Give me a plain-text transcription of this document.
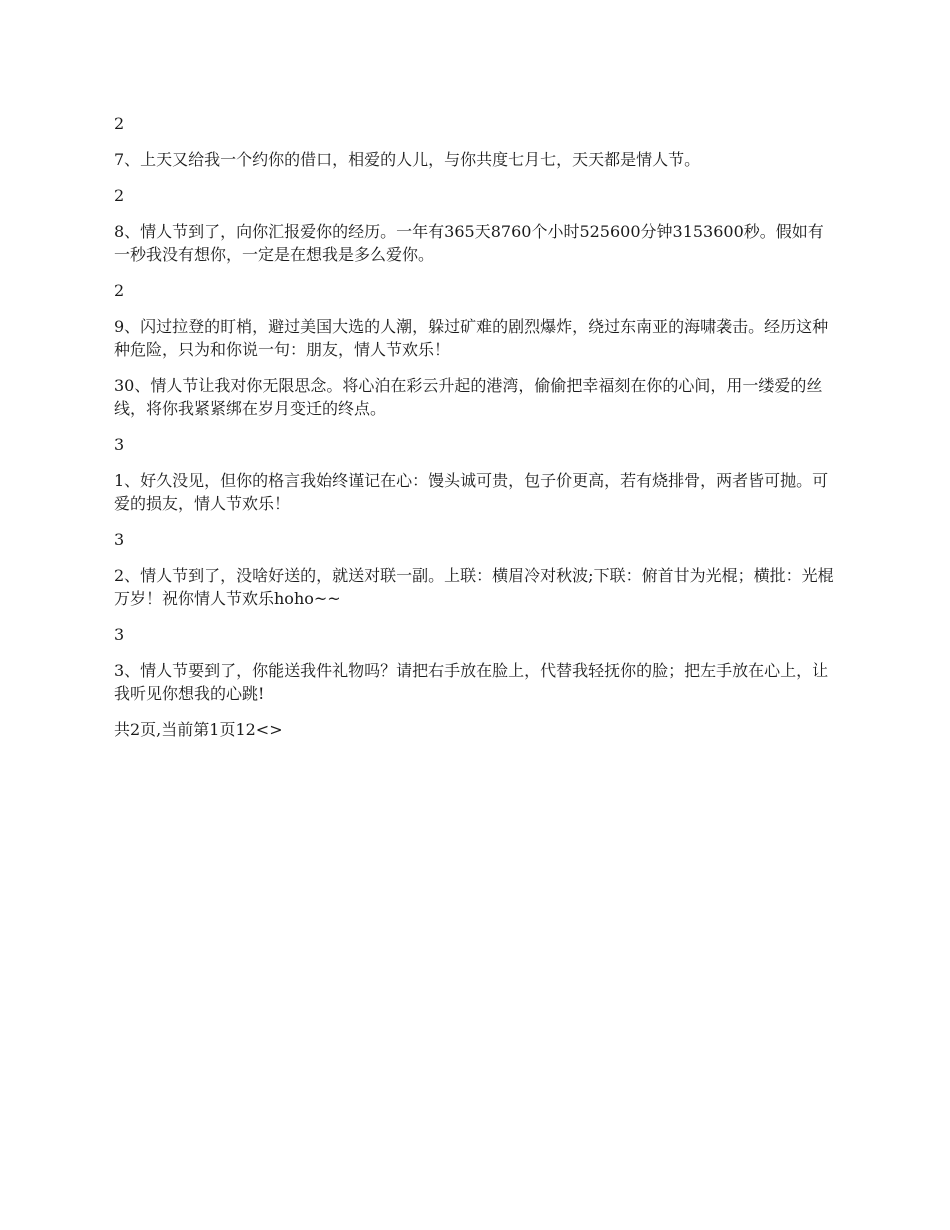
2

7、上天又给我一个约你的借口，相爱的人儿，与你共度七月七，天天都是情人节。

2

8、情人节到了，向你汇报爱你的经历。一年有365天8760个小时525600分钟3153600秒。假如有一秒我没有想你，一定是在想我是多么爱你。

2

9、闪过拉登的盯梢，避过美国大选的人潮，躲过矿难的剧烈爆炸，绕过东南亚的海啸袭击。经历这种种危险，只为和你说一句：朋友，情人节欢乐！

30、情人节让我对你无限思念。将心泊在彩云升起的港湾，偷偷把幸福刻在你的心间，用一缕爱的丝线，将你我紧紧绑在岁月变迁的终点。

3

1、好久没见，但你的格言我始终谨记在心：馒头诚可贵，包子价更高，若有烧排骨，两者皆可抛。可爱的损友，情人节欢乐！

3

2、情人节到了，没啥好送的，就送对联一副。上联：横眉冷对秋波;下联：俯首甘为光棍；横批：光棍万岁！祝你情人节欢乐hoho~~

3

3、情人节要到了，你能送我件礼物吗？请把右手放在脸上，代替我轻抚你的脸；把左手放在心上，让我听见你想我的心跳!

共2页,当前第1页12<>
